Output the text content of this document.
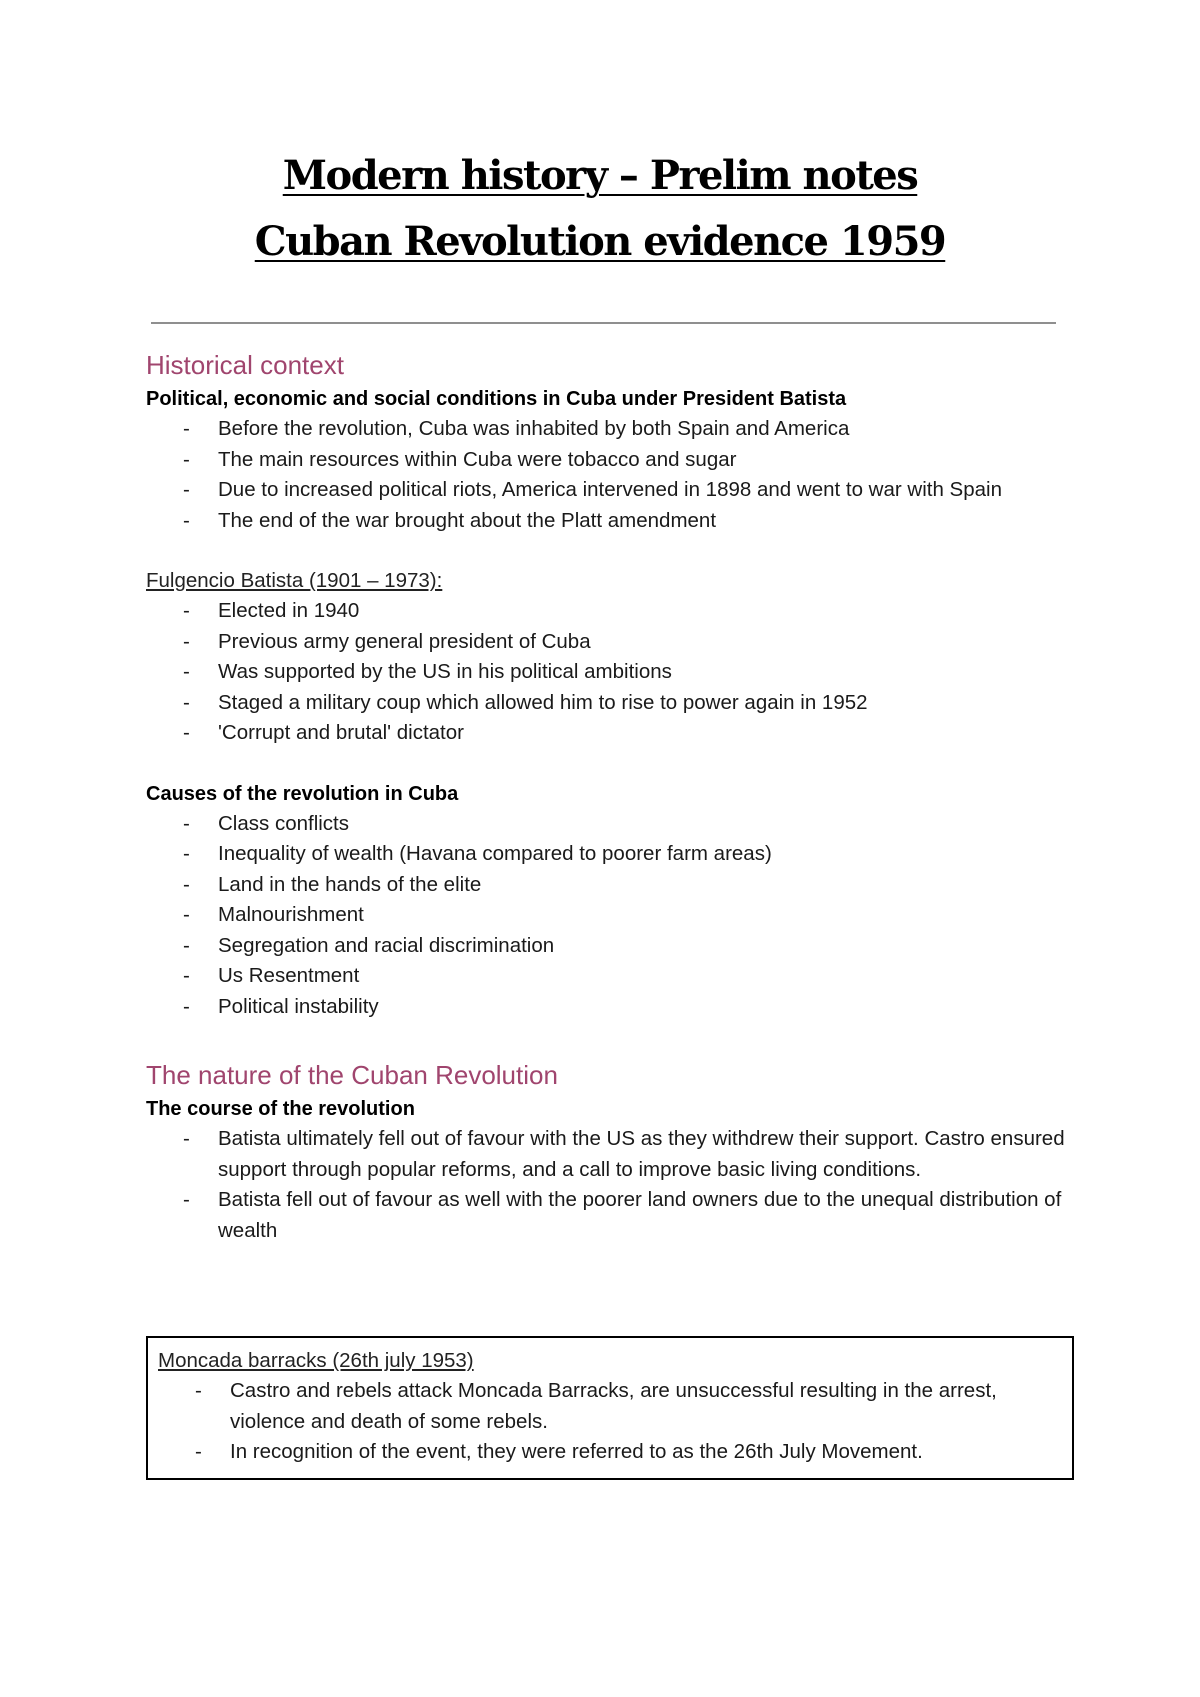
Modern history – Prelim notes
Cuban Revolution evidence 1959
Historical context

Political, economic and social conditions in Cuba under President Batista

- Before the revolution, Cuba was inhabited by both Spain and America
- The main resources within Cuba were tobacco and sugar
- Due to increased political riots, America intervened in 1898 and went to war with Spain
- The end of the war brought about the Platt amendment

Fulgencio Batista (1901 – 1973):

- Elected in 1940
- Previous army general president of Cuba
- Was supported by the US in his political ambitions
- Staged a military coup which allowed him to rise to power again in 1952
- 'Corrupt and brutal' dictator

Causes of the revolution in Cuba

- Class conflicts
- Inequality of wealth (Havana compared to poorer farm areas)
- Land in the hands of the elite
- Malnourishment
- Segregation and racial discrimination
- Us Resentment
- Political instability
The nature of the Cuban Revolution

The course of the revolution

- Batista ultimately fell out of favour with the US as they withdrew their support. Castro ensured support through popular reforms, and a call to improve basic living conditions.
- Batista fell out of favour as well with the poorer land owners due to the unequal distribution of wealth

Moncada barracks (26th july 1953)

- Castro and rebels attack Moncada Barracks, are unsuccessful resulting in the arrest, violence and death of some rebels.
- In recognition of the event, they were referred to as the 26th July Movement.
